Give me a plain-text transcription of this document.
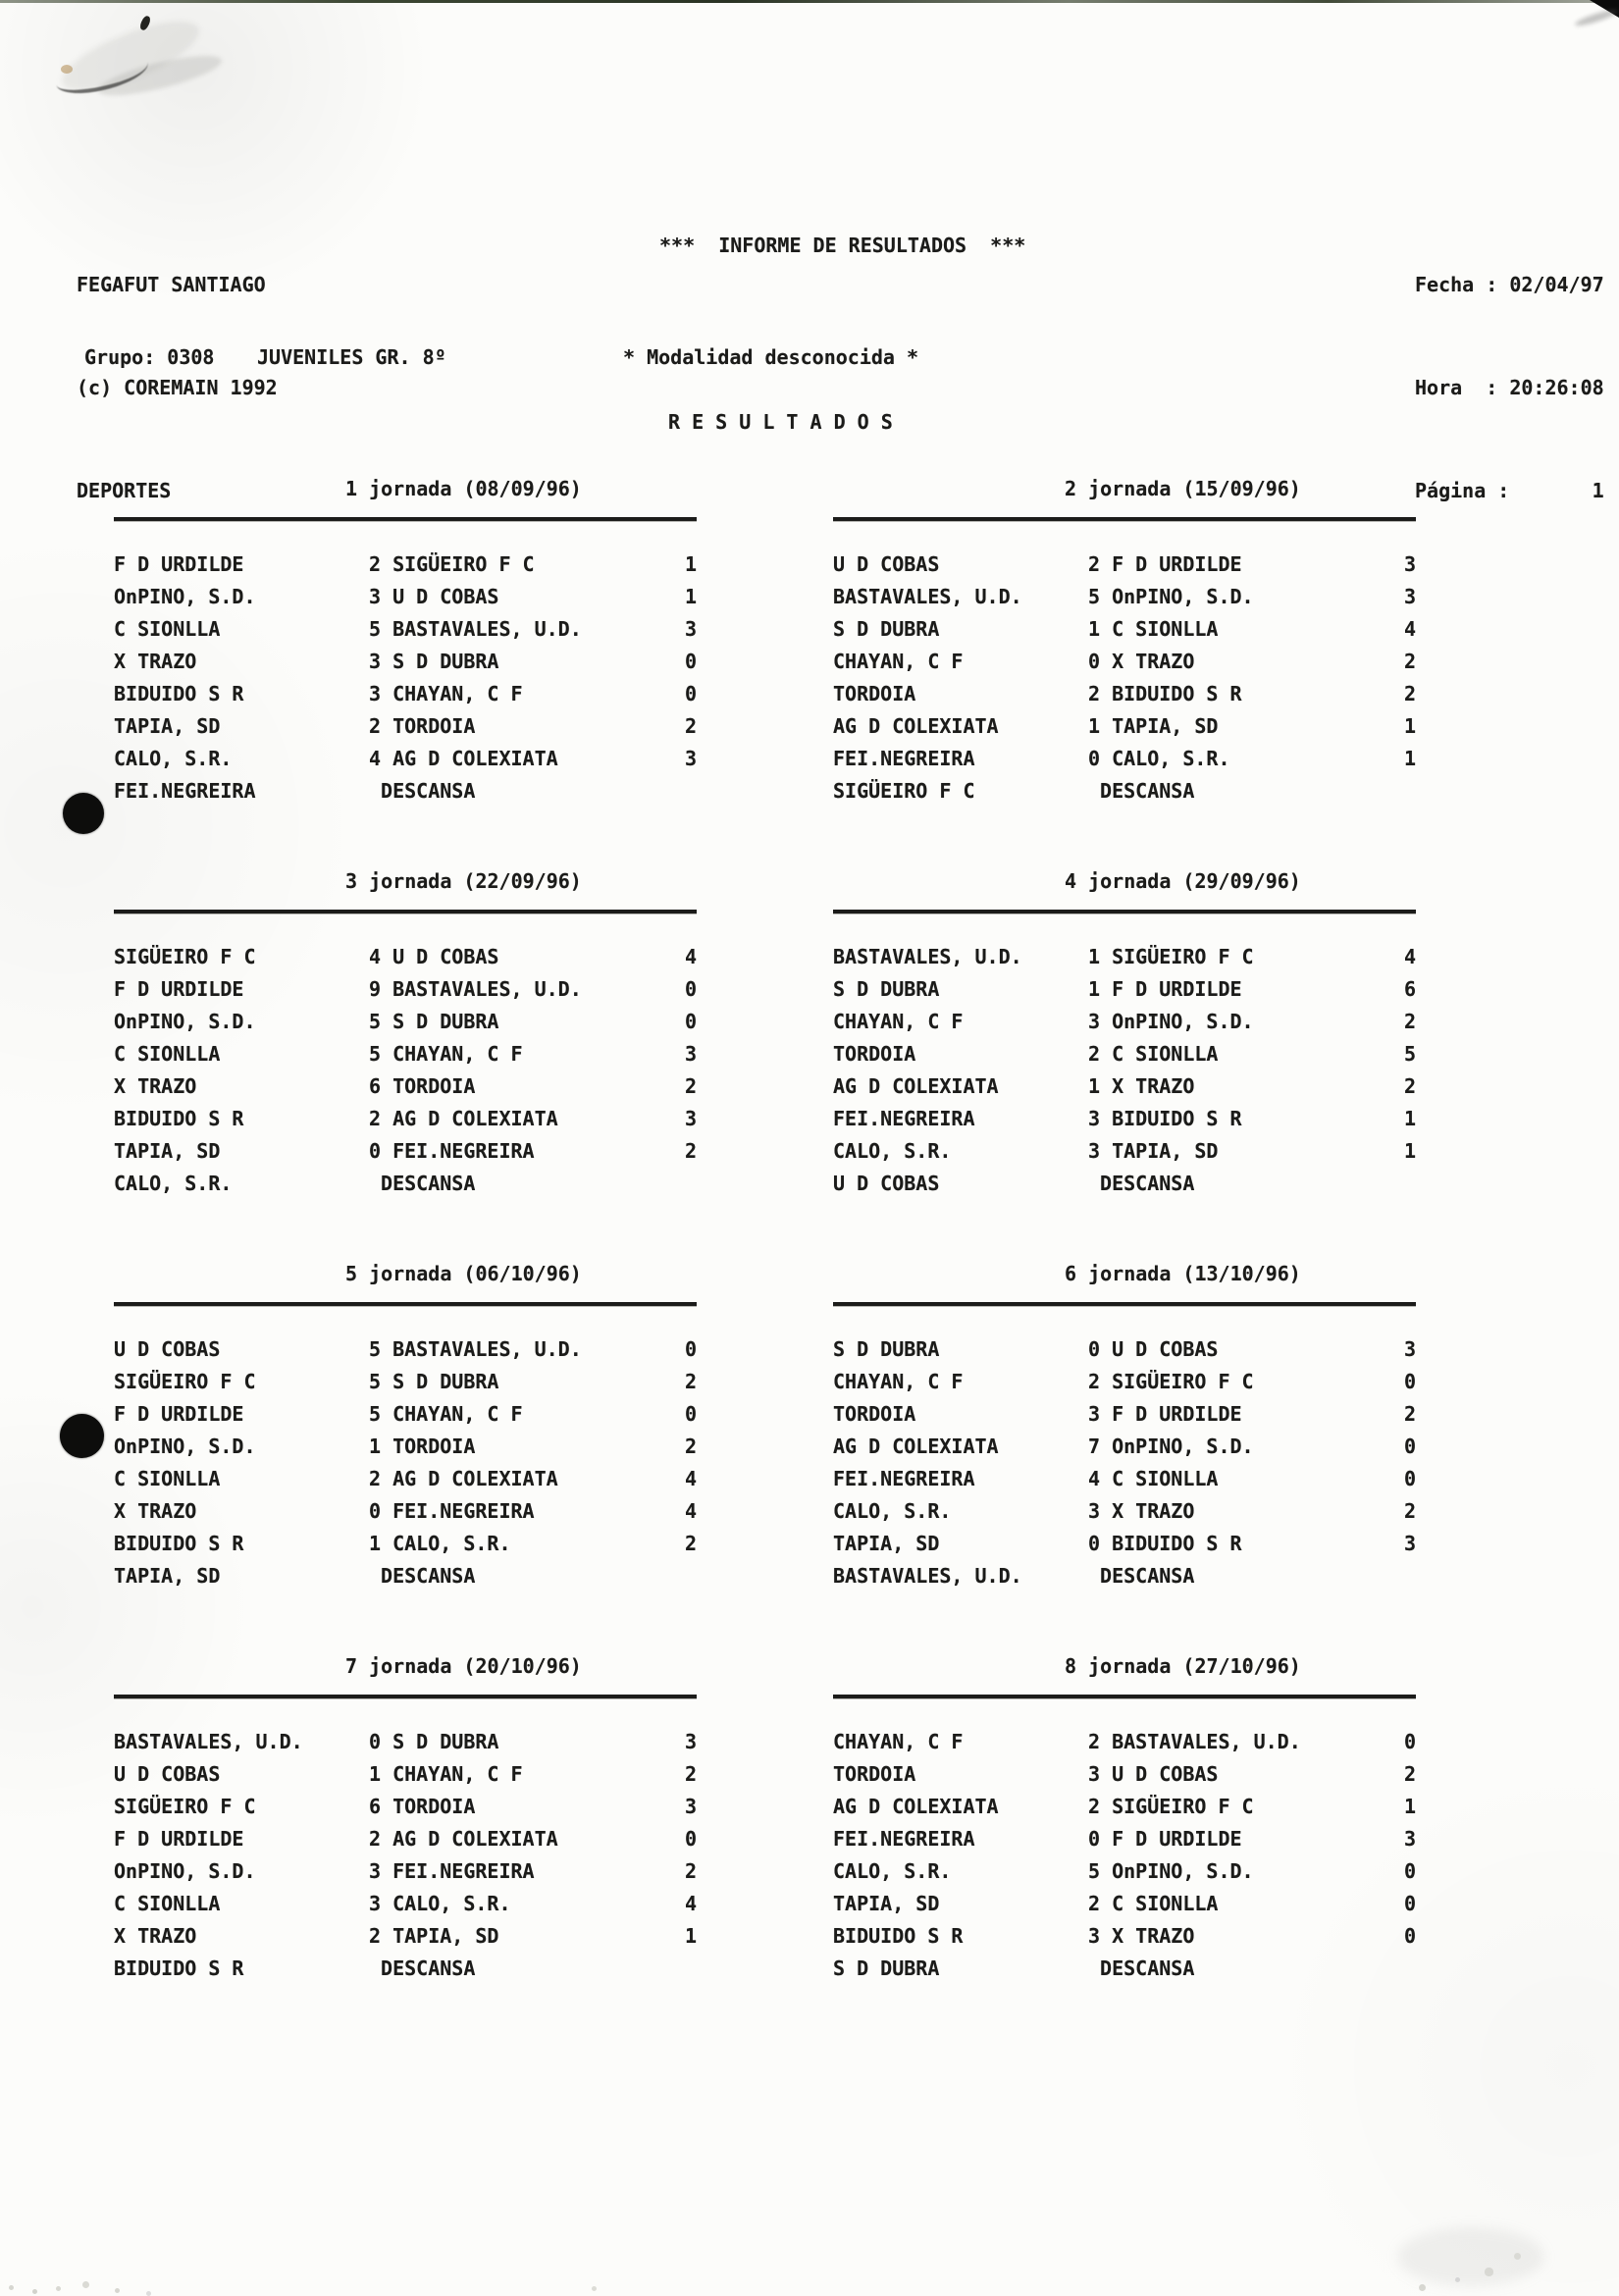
FEGAFUT SANTIAGO

(c) COREMAIN 1992

DEPORTES

***  INFORME DE RESULTADOS  ***

Fecha : 02/04/97

Hora  : 20:26:08

Página :       1

Grupo: 0308 JUVENILES GR. 8º	* Modalidad desconocida *
R E S U L T A D O S
1 jornada (08/09/96)
F D URDILDE	2 SIGÜEIRO F C	1
OnPINO, S.D.	3 U D COBAS	1
C SIONLLA	5 BASTAVALES, U.D.	3
X TRAZO	3 S D DUBRA	0
BIDUIDO S R	3 CHAYAN, C F	0
TAPIA, SD	2 TORDOIA	2
CALO, S.R.	4 AG D COLEXIATA	3
FEI.NEGREIRA	DESCANSA
2 jornada (15/09/96)
U D COBAS	2 F D URDILDE	3
BASTAVALES, U.D.	5 OnPINO, S.D.	3
S D DUBRA	1 C SIONLLA	4
CHAYAN, C F	0 X TRAZO	2
TORDOIA	2 BIDUIDO S R	2
AG D COLEXIATA	1 TAPIA, SD	1
FEI.NEGREIRA	0 CALO, S.R.	1
SIGÜEIRO F C	DESCANSA
3 jornada (22/09/96)
SIGÜEIRO F C	4 U D COBAS	4
F D URDILDE	9 BASTAVALES, U.D.	0
OnPINO, S.D.	5 S D DUBRA	0
C SIONLLA	5 CHAYAN, C F	3
X TRAZO	6 TORDOIA	2
BIDUIDO S R	2 AG D COLEXIATA	3
TAPIA, SD	0 FEI.NEGREIRA	2
CALO, S.R.	DESCANSA
4 jornada (29/09/96)
BASTAVALES, U.D.	1 SIGÜEIRO F C	4
S D DUBRA	1 F D URDILDE	6
CHAYAN, C F	3 OnPINO, S.D.	2
TORDOIA	2 C SIONLLA	5
AG D COLEXIATA	1 X TRAZO	2
FEI.NEGREIRA	3 BIDUIDO S R	1
CALO, S.R.	3 TAPIA, SD	1
U D COBAS	DESCANSA
5 jornada (06/10/96)
U D COBAS	5 BASTAVALES, U.D.	0
SIGÜEIRO F C	5 S D DUBRA	2
F D URDILDE	5 CHAYAN, C F	0
OnPINO, S.D.	1 TORDOIA	2
C SIONLLA	2 AG D COLEXIATA	4
X TRAZO	0 FEI.NEGREIRA	4
BIDUIDO S R	1 CALO, S.R.	2
TAPIA, SD	DESCANSA
6 jornada (13/10/96)
S D DUBRA	0 U D COBAS	3
CHAYAN, C F	2 SIGÜEIRO F C	0
TORDOIA	3 F D URDILDE	2
AG D COLEXIATA	7 OnPINO, S.D.	0
FEI.NEGREIRA	4 C SIONLLA	0
CALO, S.R.	3 X TRAZO	2
TAPIA, SD	0 BIDUIDO S R	3
BASTAVALES, U.D.	DESCANSA
7 jornada (20/10/96)
BASTAVALES, U.D.	0 S D DUBRA	3
U D COBAS	1 CHAYAN, C F	2
SIGÜEIRO F C	6 TORDOIA	3
F D URDILDE	2 AG D COLEXIATA	0
OnPINO, S.D.	3 FEI.NEGREIRA	2
C SIONLLA	3 CALO, S.R.	4
X TRAZO	2 TAPIA, SD	1
BIDUIDO S R	DESCANSA
8 jornada (27/10/96)
CHAYAN, C F	2 BASTAVALES, U.D.	0
TORDOIA	3 U D COBAS	2
AG D COLEXIATA	2 SIGÜEIRO F C	1
FEI.NEGREIRA	0 F D URDILDE	3
CALO, S.R.	5 OnPINO, S.D.	0
TAPIA, SD	2 C SIONLLA	0
BIDUIDO S R	3 X TRAZO	0
S D DUBRA	DESCANSA
